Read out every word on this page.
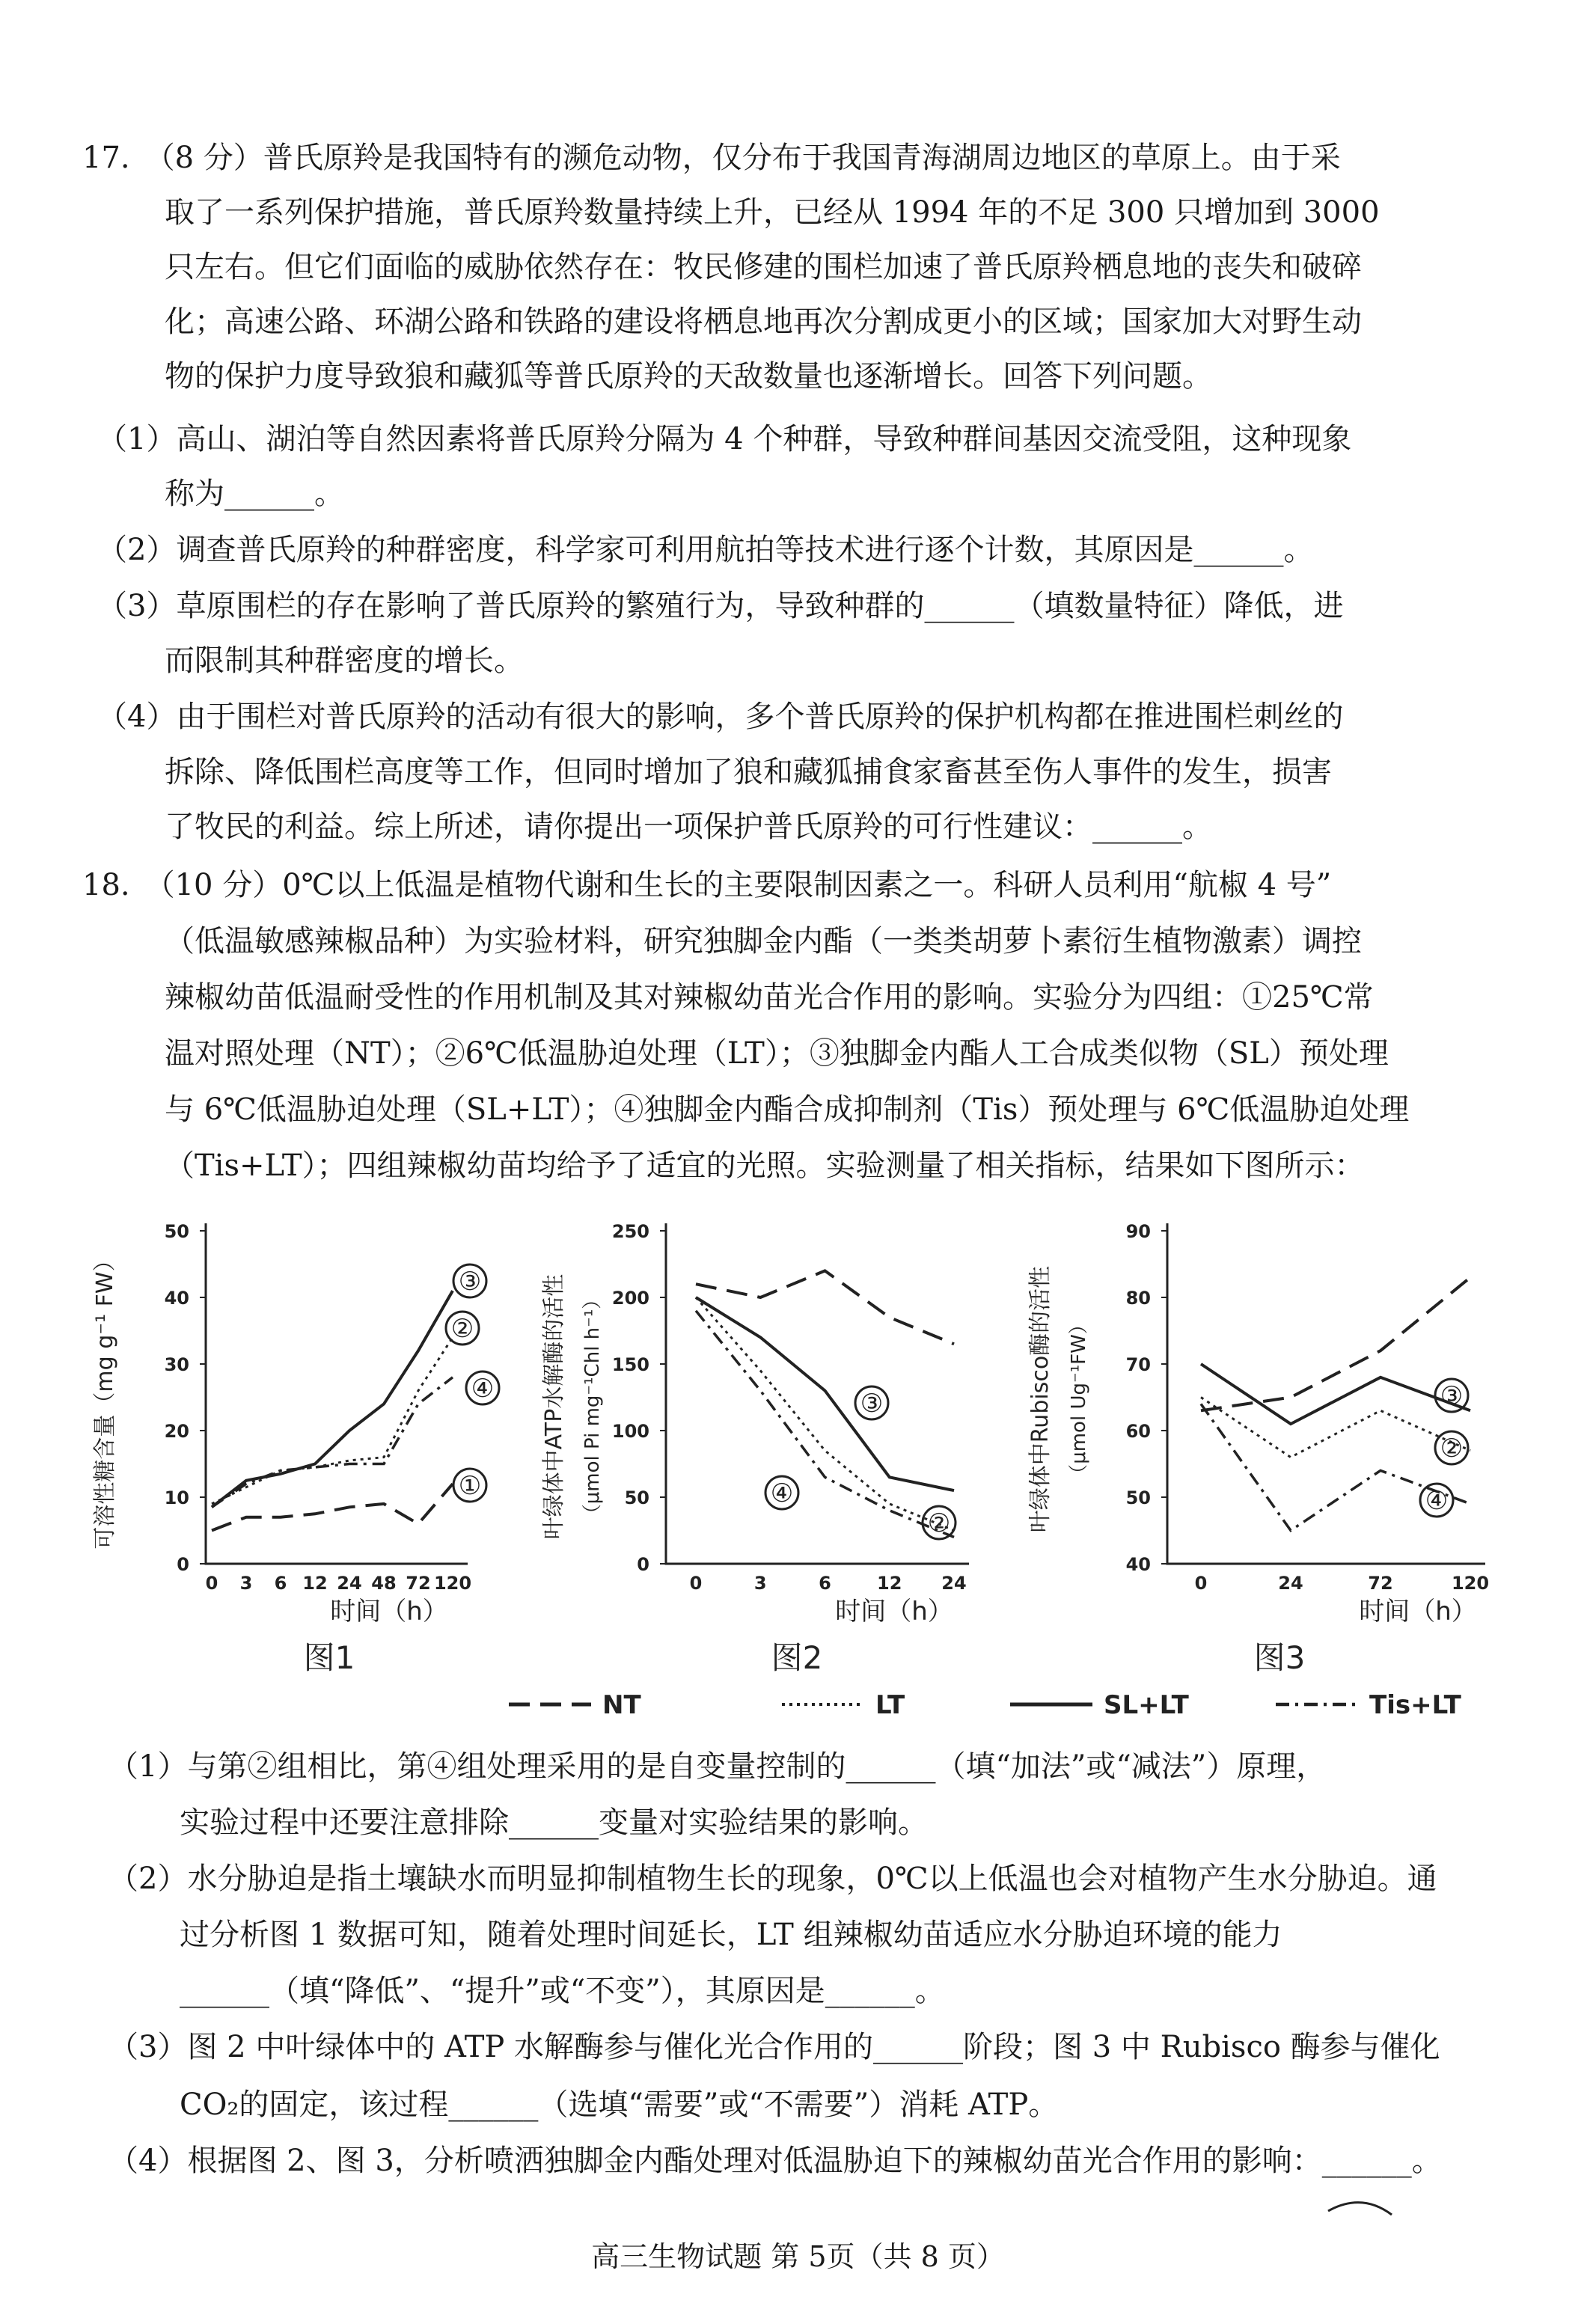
17.　（8 分）普氏原羚是我国特有的濒危动物，仅分布于我国青海湖周边地区的草原上。由于采
取了一系列保护措施，普氏原羚数量持续上升，已经从 1994 年的不足 300 只增加到 3000
只左右。但它们面临的威胁依然存在：牧民修建的围栏加速了普氏原羚栖息地的丧失和破碎
化；高速公路、环湖公路和铁路的建设将栖息地再次分割成更小的区域；国家加大对野生动
物的保护力度导致狼和藏狐等普氏原羚的天敌数量也逐渐增长。回答下列问题。
（1）高山、湖泊等自然因素将普氏原羚分隔为 4 个种群，导致种群间基因交流受阻，这种现象
称为______。
（2）调查普氏原羚的种群密度，科学家可利用航拍等技术进行逐个计数，其原因是______。
（3）草原围栏的存在影响了普氏原羚的繁殖行为，导致种群的______（填数量特征）降低，进
而限制其种群密度的增长。
（4）由于围栏对普氏原羚的活动有很大的影响，多个普氏原羚的保护机构都在推进围栏刺丝的
拆除、降低围栏高度等工作，但同时增加了狼和藏狐捕食家畜甚至伤人事件的发生，损害
了牧民的利益。综上所述，请你提出一项保护普氏原羚的可行性建议：______。
18.　（10 分）0℃以上低温是植物代谢和生长的主要限制因素之一。科研人员利用“航椒 4 号”
（低温敏感辣椒品种）为实验材料，研究独脚金内酯（一类类胡萝卜素衍生植物激素）调控
辣椒幼苗低温耐受性的作用机制及其对辣椒幼苗光合作用的影响。实验分为四组：①25℃常
温对照处理（NT）；②6℃低温胁迫处理（LT）；③独脚金内酯人工合成类似物（SL）预处理
与 6℃低温胁迫处理（SL+LT）；④独脚金内酯合成抑制剂（Tis）预处理与 6℃低温胁迫处理
（Tis+LT）；四组辣椒幼苗均给予了适宜的光照。实验测量了相关指标，结果如下图所示：
0
10
20
30
40
50
0 3 6 12 24 48 72 120
时间（h）
可溶性糖含量（mg g⁻¹ FW）
图1
③
②
④
①
0
50
100
150
200
250
0	3	6	12 24
时间（h）
叶绿体中ATP水解酶的活性 （μmol Pi mg⁻¹Chl h⁻¹）
图2
③
④
②
40
50
60
70
80
90
0	24	72	120
时间（h）
叶绿体中Rubisco酶的活性 （μmol Ug⁻¹FW）
图3
③
②
④
NT	LT	SL+LT	Tis+LT
（1）与第②组相比，第④组处理采用的是自变量控制的______（填“加法”或“减法”）原理，
实验过程中还要注意排除______变量对实验结果的影响。
（2）水分胁迫是指土壤缺水而明显抑制植物生长的现象，0℃以上低温也会对植物产生水分胁迫。通
过分析图 1 数据可知，随着处理时间延长，LT 组辣椒幼苗适应水分胁迫环境的能力
______（填“降低”、“提升”或“不变”），其原因是______。
（3）图 2 中叶绿体中的 ATP 水解酶参与催化光合作用的______阶段；图 3 中 Rubisco 酶参与催化
CO₂的固定，该过程______（选填“需要”或“不需要”）消耗 ATP。
（4）根据图 2、图 3，分析喷洒独脚金内酯处理对低温胁迫下的辣椒幼苗光合作用的影响：______。
高三生物试题 第 5页（共 8 页）
